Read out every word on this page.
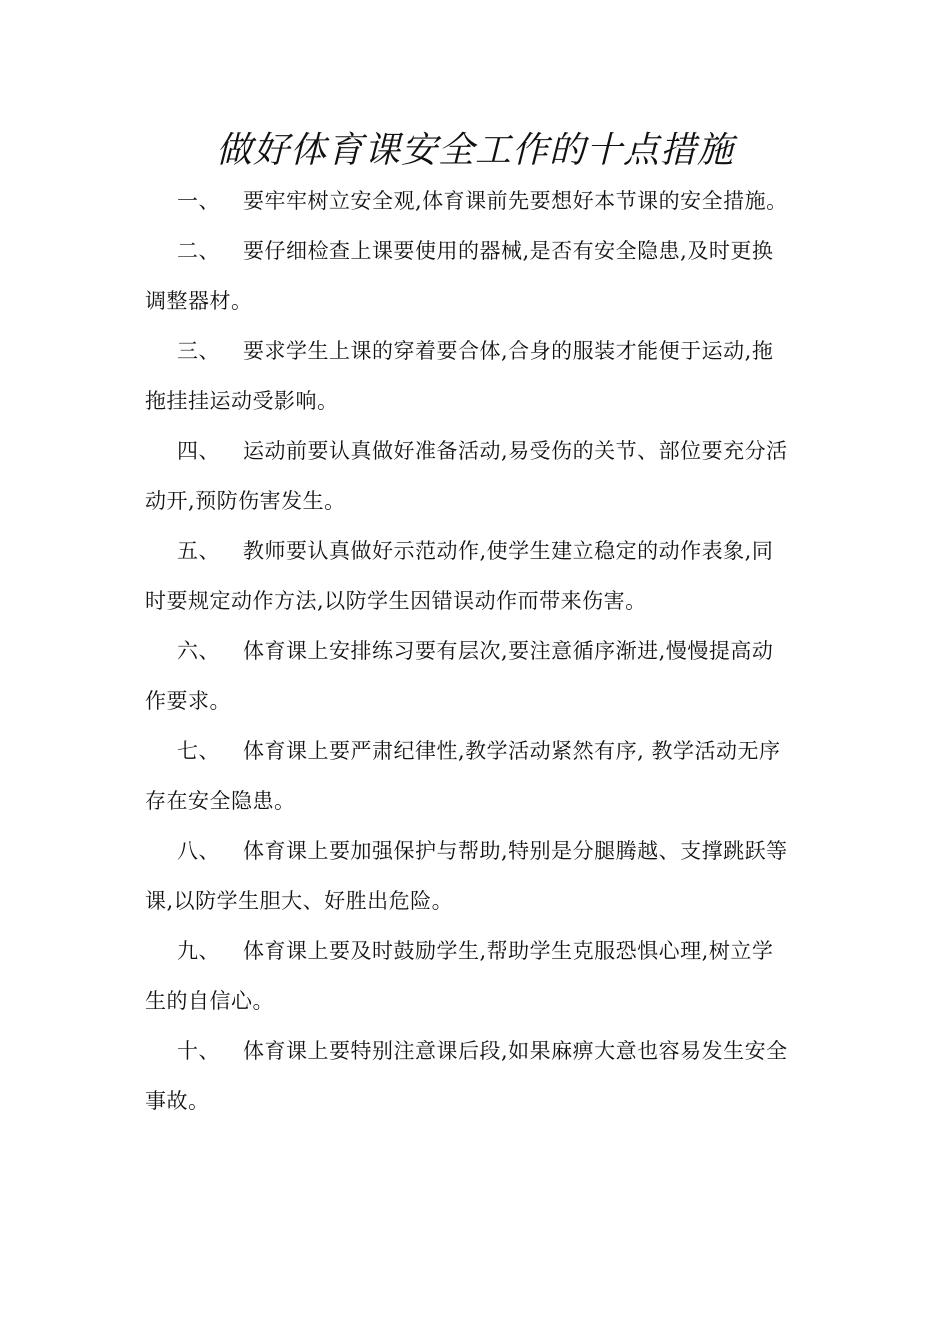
做好体育课安全工作的十点措施
一、 要牢牢树立安全观,体育课前先要想好本节课的安全措施。
二、 要仔细检查上课要使用的器械,是否有安全隐患,及时更换
调整器材。
三、 要求学生上课的穿着要合体,合身的服装才能便于运动,拖
拖挂挂运动受影响。
四、 运动前要认真做好准备活动,易受伤的关节、部位要充分活
动开,预防伤害发生。
五、 教师要认真做好示范动作,使学生建立稳定的动作表象,同
时要规定动作方法,以防学生因错误动作而带来伤害。
六、 体育课上安排练习要有层次,要注意循序渐进,慢慢提高动
作要求。
七、 体育课上要严肃纪律性,教学活动紧然有序, 教学活动无序
存在安全隐患。
八、 体育课上要加强保护与帮助,特别是分腿腾越、支撑跳跃等
课,以防学生胆大、好胜出危险。
九、 体育课上要及时鼓励学生,帮助学生克服恐惧心理,树立学
生的自信心。
十、 体育课上要特别注意课后段,如果麻痹大意也容易发生安全
事故。
